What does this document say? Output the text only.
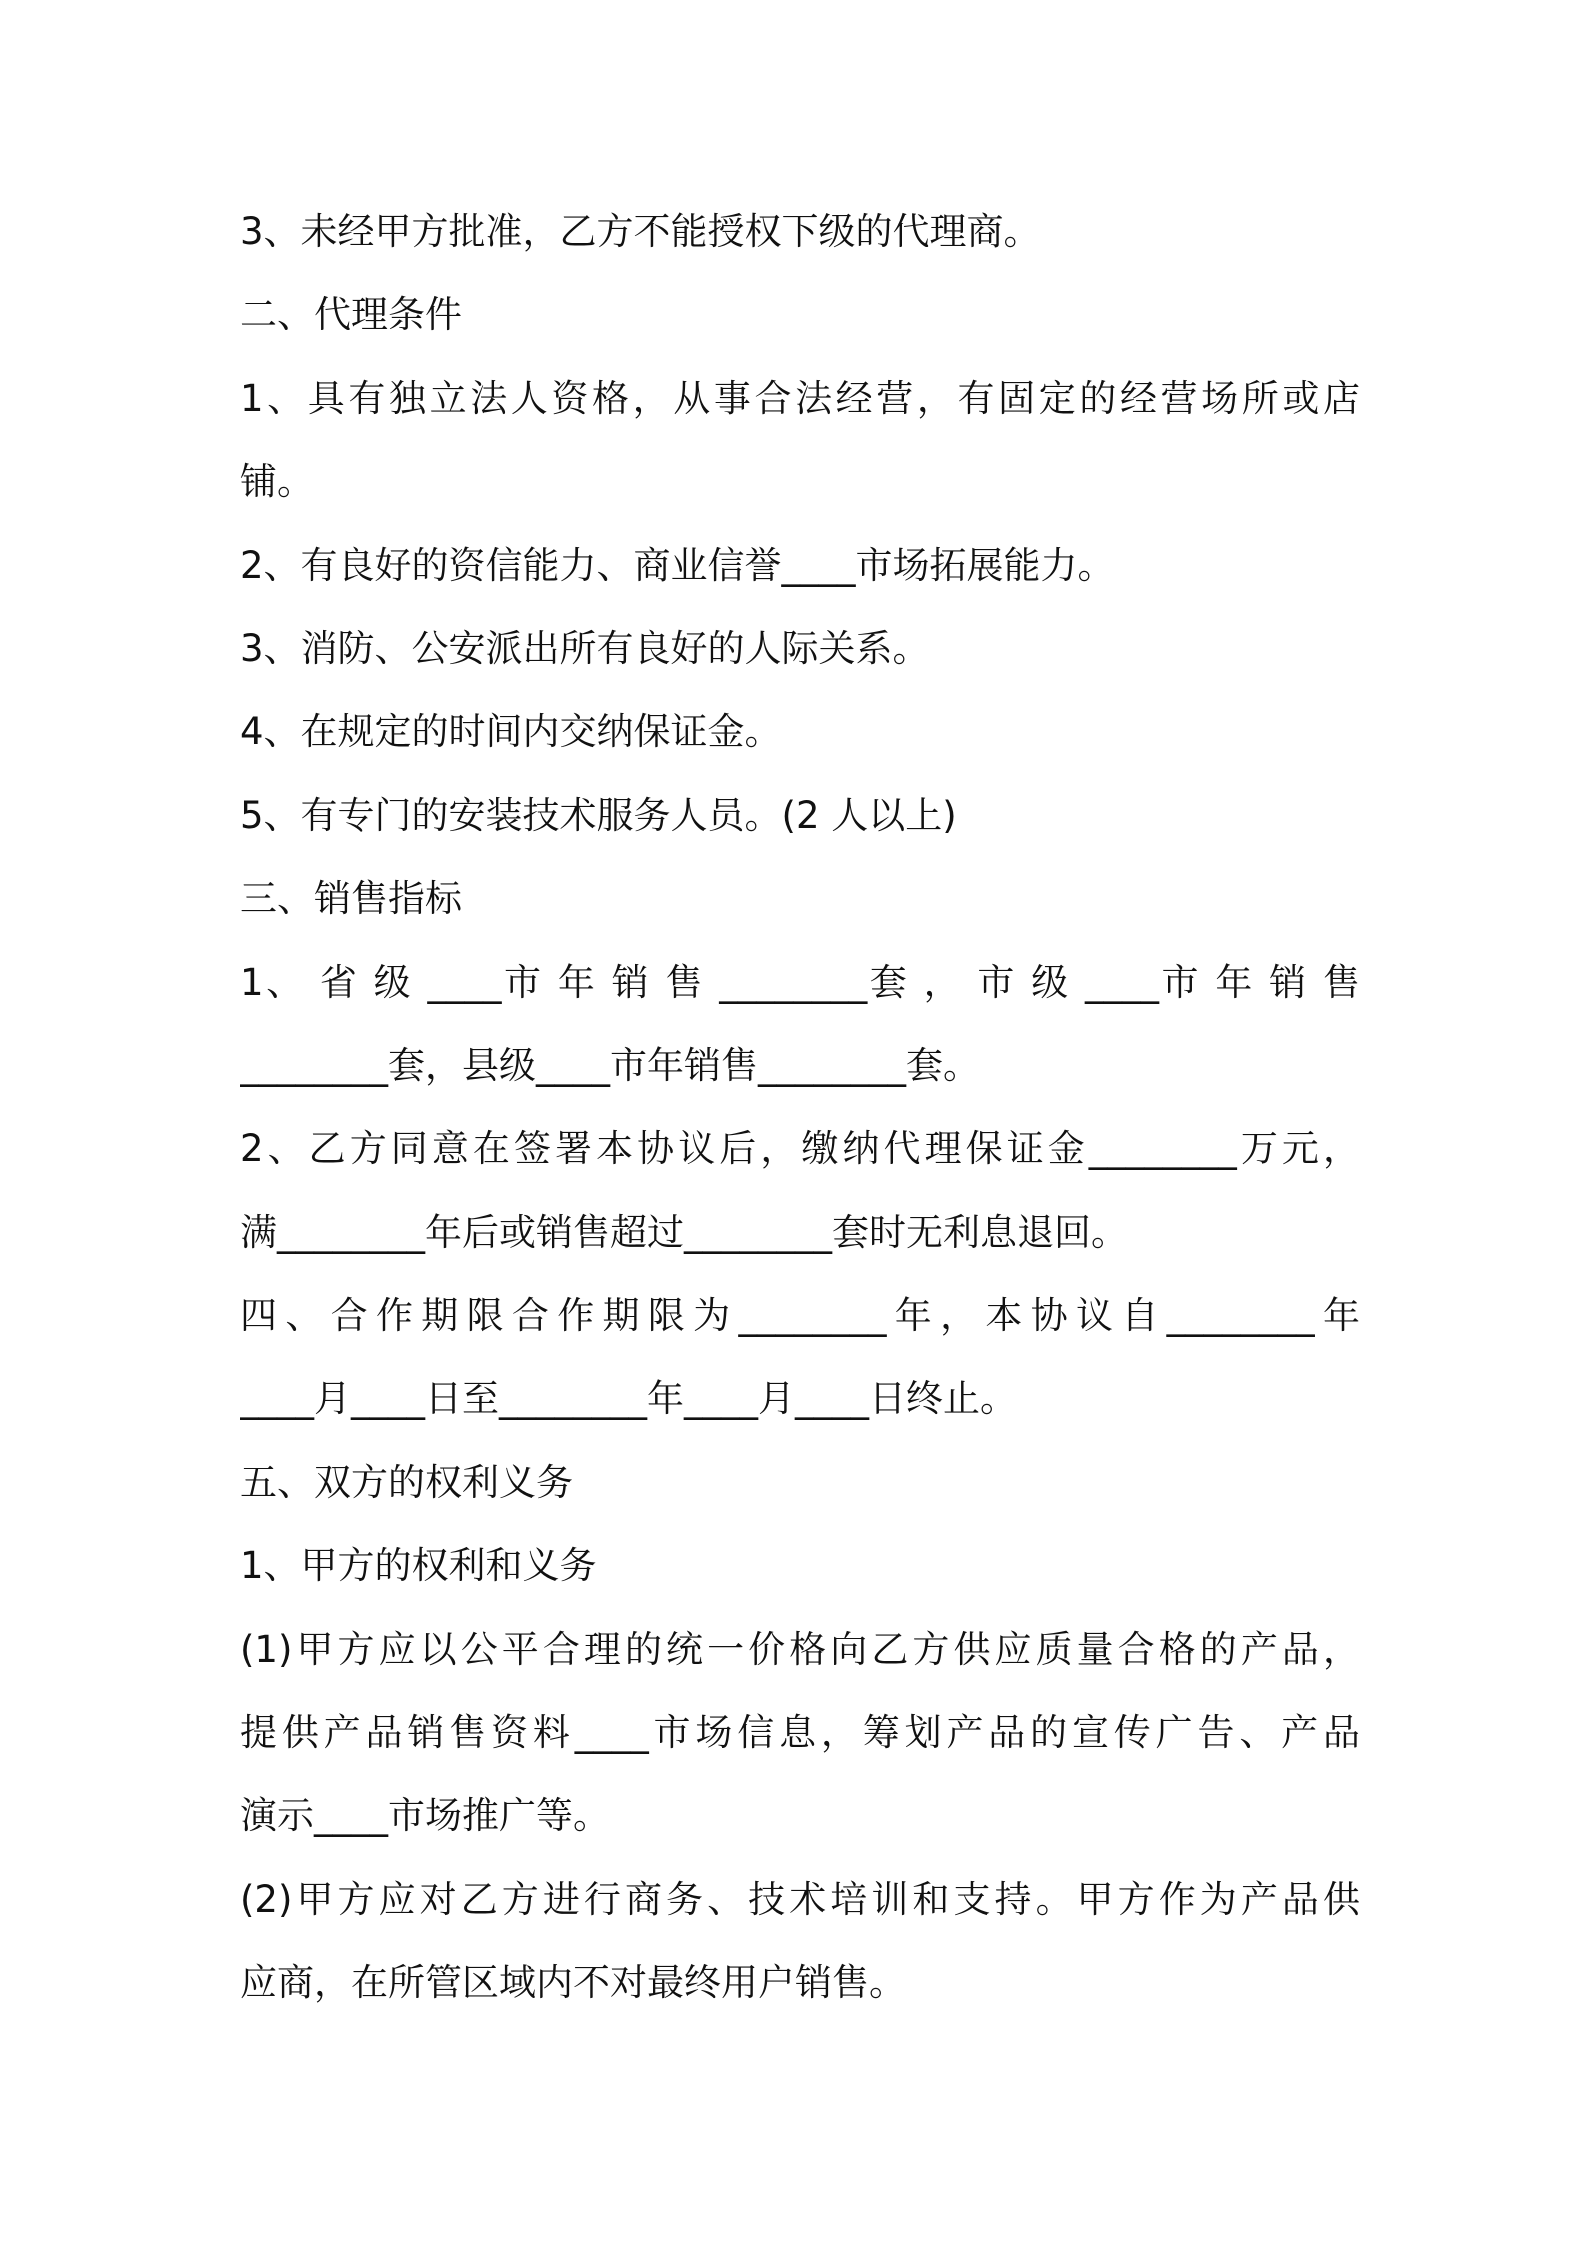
3、未经甲方批准，乙方不能授权下级的代理商。
二、代理条件
1、具有独立法人资格，从事合法经营，有固定的经营场所或店
铺。
2、有良好的资信能力、商业信誉____市场拓展能力。
3、消防、公安派出所有良好的人际关系。
4、在规定的时间内交纳保证金。
5、有专门的安装技术服务人员。(2 人以上)
三、销售指标
1、 省 级 ____市 年 销 售 ________套 ， 市 级 ____市 年 销 售
________套，县级____市年销售________套。
2、乙方同意在签署本协议后，缴纳代理保证金________万元，
满________年后或销售超过________套时无利息退回。
四、合作期限合作期限为________年，本协议自________年
____月____日至________年____月____日终止。
五、双方的权利义务
1、甲方的权利和义务
(1)甲方应以公平合理的统一价格向乙方供应质量合格的产品，
提供产品销售资料____市场信息，筹划产品的宣传广告、产品
演示____市场推广等。
(2)甲方应对乙方进行商务、技术培训和支持。甲方作为产品供
应商，在所管区域内不对最终用户销售。
